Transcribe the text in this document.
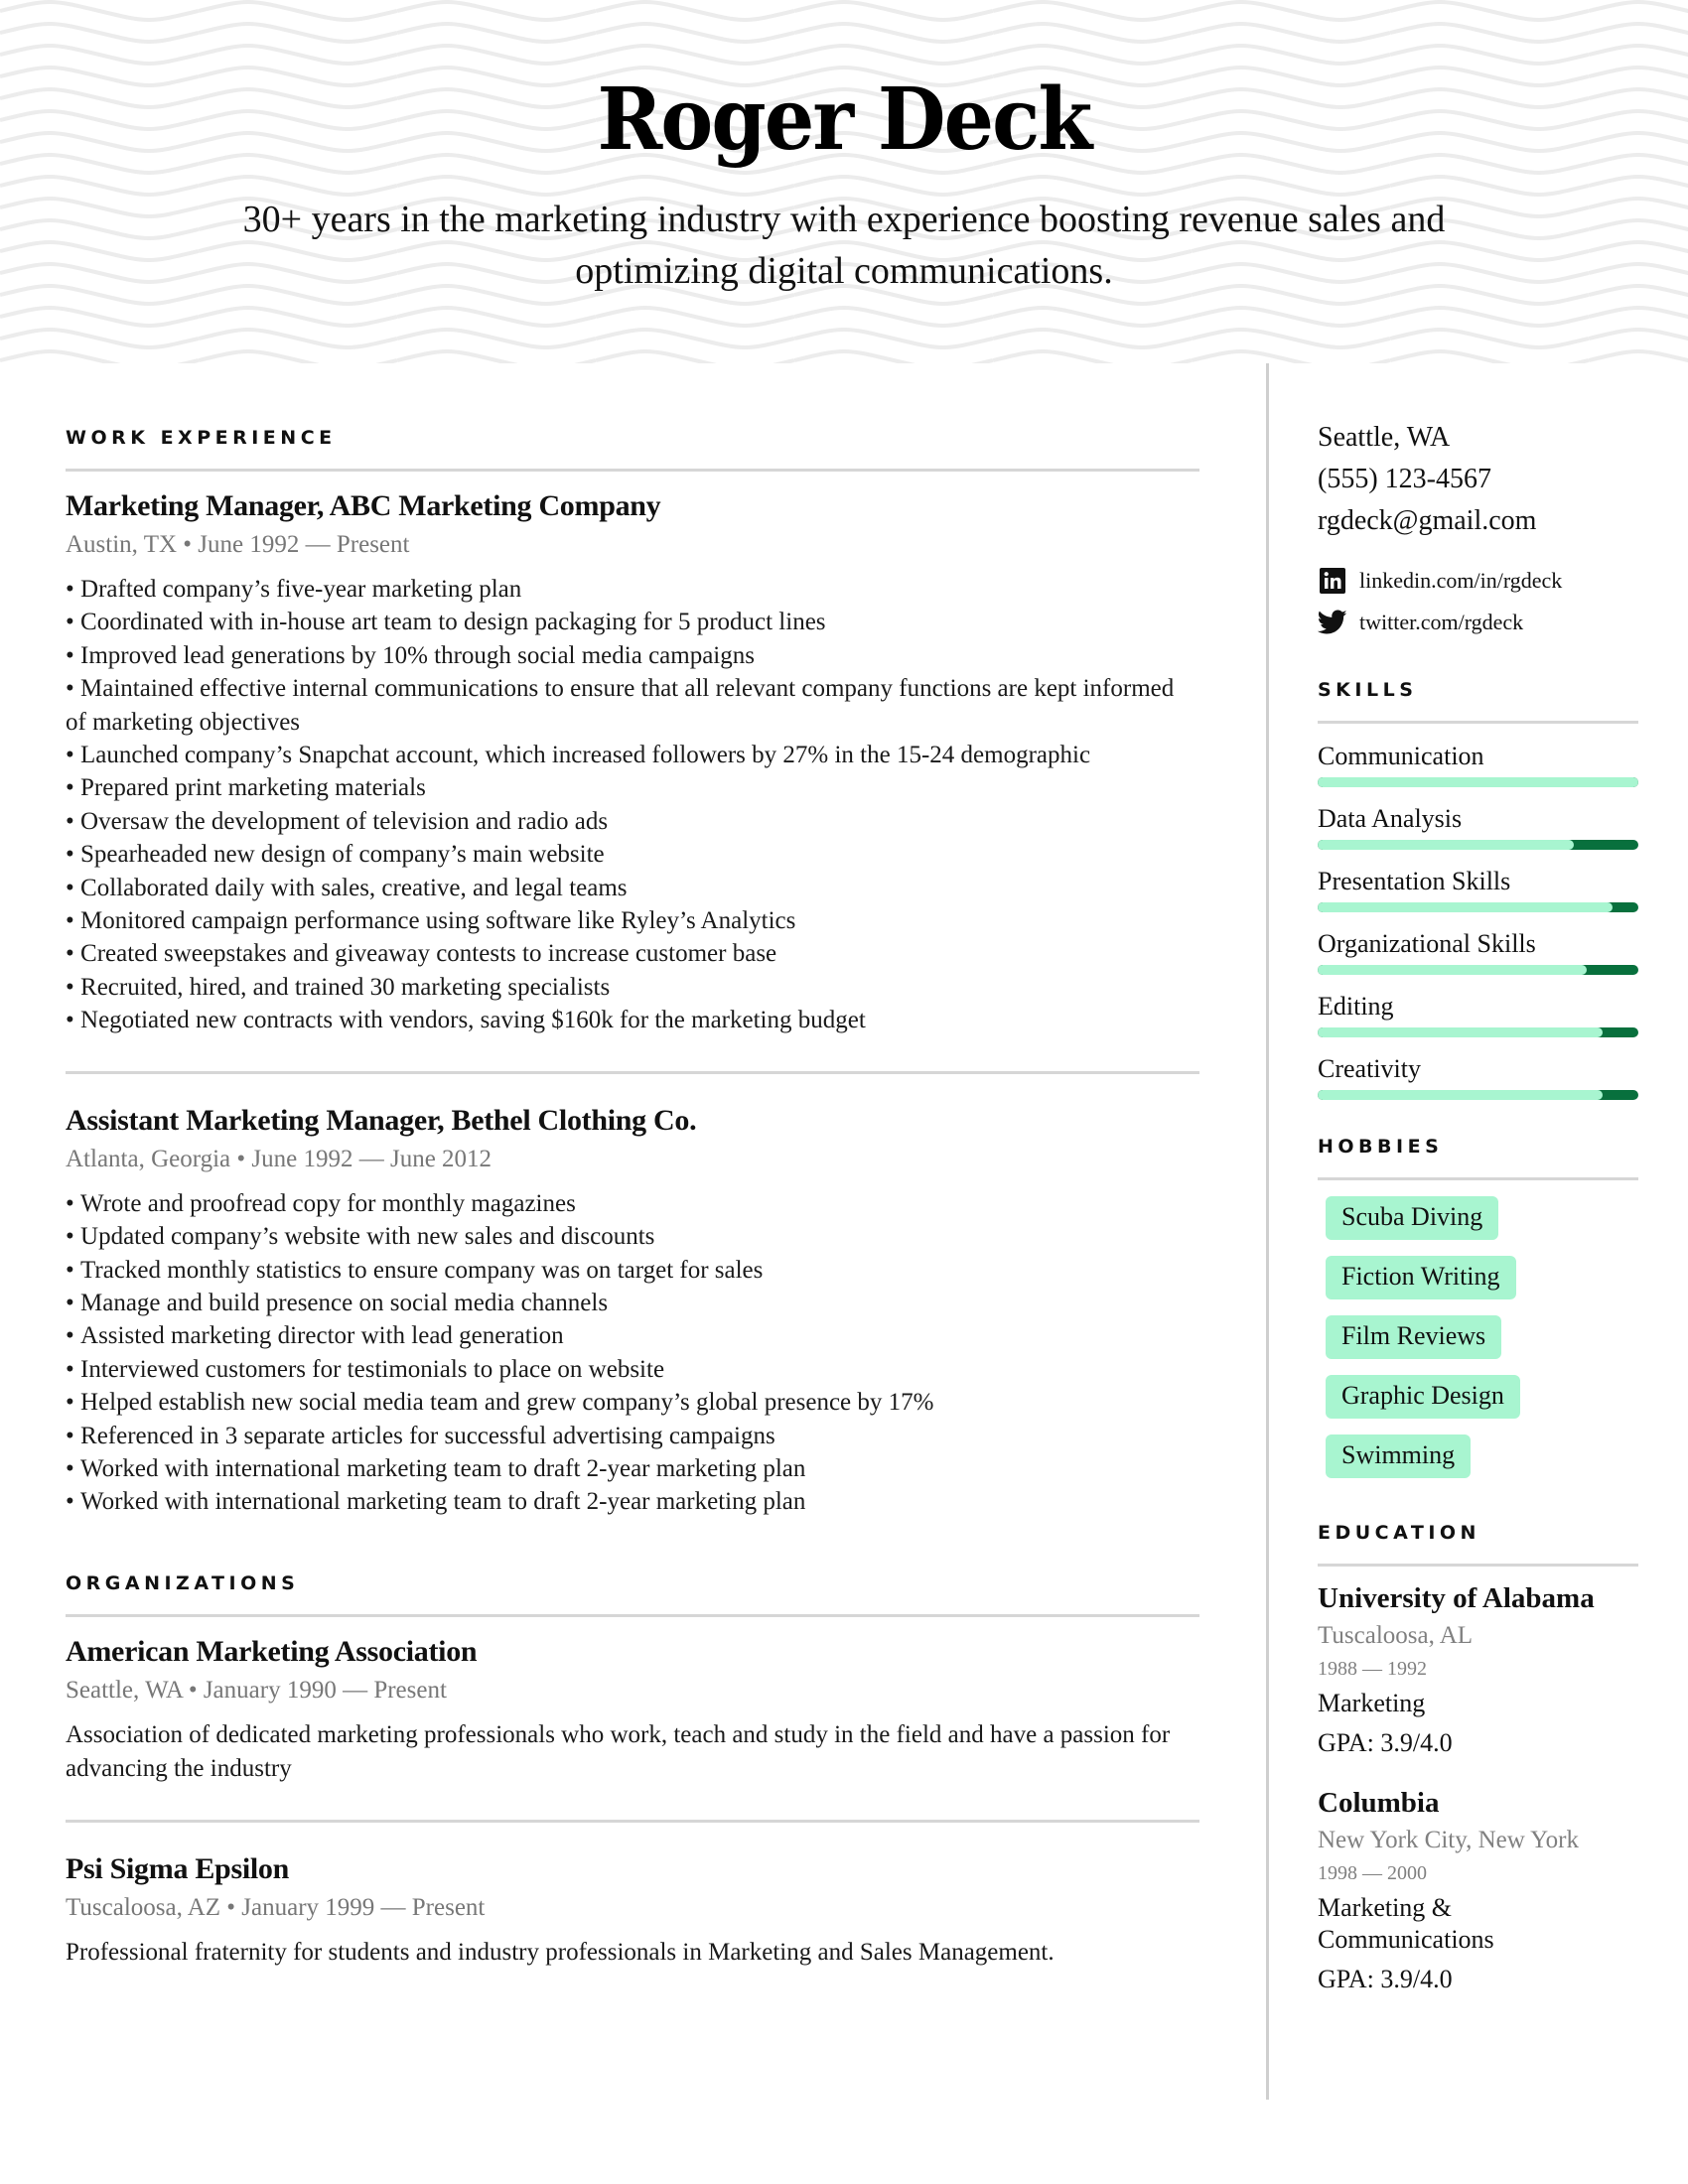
Roger Deck
30+ years in the marketing industry with experience boosting revenue sales and
optimizing digital communications.
WORK EXPERIENCE
Marketing Manager, ABC Marketing Company
Austin, TX • June 1992 — Present
• Drafted company’s five-year marketing plan
• Coordinated with in-house art team to design packaging for 5 product lines
• Improved lead generations by 10% through social media campaigns
• Maintained effective internal communications to ensure that all relevant company functions are kept informed of marketing objectives
• Launched company’s Snapchat account, which increased followers by 27% in the 15-24 demographic
• Prepared print marketing materials
• Oversaw the development of television and radio ads
• Spearheaded new design of company’s main website
• Collaborated daily with sales, creative, and legal teams
• Monitored campaign performance using software like Ryley’s Analytics
• Created sweepstakes and giveaway contests to increase customer base
• Recruited, hired, and trained 30 marketing specialists
• Negotiated new contracts with vendors, saving $160k for the marketing budget
Assistant Marketing Manager, Bethel Clothing Co.
Atlanta, Georgia • June 1992 — June 2012
• Wrote and proofread copy for monthly magazines
• Updated company’s website with new sales and discounts
• Tracked monthly statistics to ensure company was on target for sales
• Manage and build presence on social media channels
• Assisted marketing director with lead generation
• Interviewed customers for testimonials to place on website
• Helped establish new social media team and grew company’s global presence by 17%
• Referenced in 3 separate articles for successful advertising campaigns
• Worked with international marketing team to draft 2-year marketing plan
• Worked with international marketing team to draft 2-year marketing plan
ORGANIZATIONS
American Marketing Association
Seattle, WA • January 1990 — Present
Association of dedicated marketing professionals who work, teach and study in the field and have a passion for advancing the industry
Psi Sigma Epsilon
Tuscaloosa, AZ • January 1999 — Present
Professional fraternity for students and industry professionals in Marketing and Sales Management.
Seattle, WA
(555) 123-4567
rgdeck@gmail.com
linkedin.com/in/rgdeck
twitter.com/rgdeck
SKILLS
Communication
Data Analysis
Presentation Skills
Organizational Skills
Editing
Creativity
HOBBIES
Scuba Diving
Fiction Writing
Film Reviews
Graphic Design
Swimming
EDUCATION
University of Alabama
Tuscaloosa, AL
1988 — 1992
Marketing
GPA: 3.9/4.0
Columbia
New York City, New York
1998 — 2000
Marketing & Communications
GPA: 3.9/4.0
